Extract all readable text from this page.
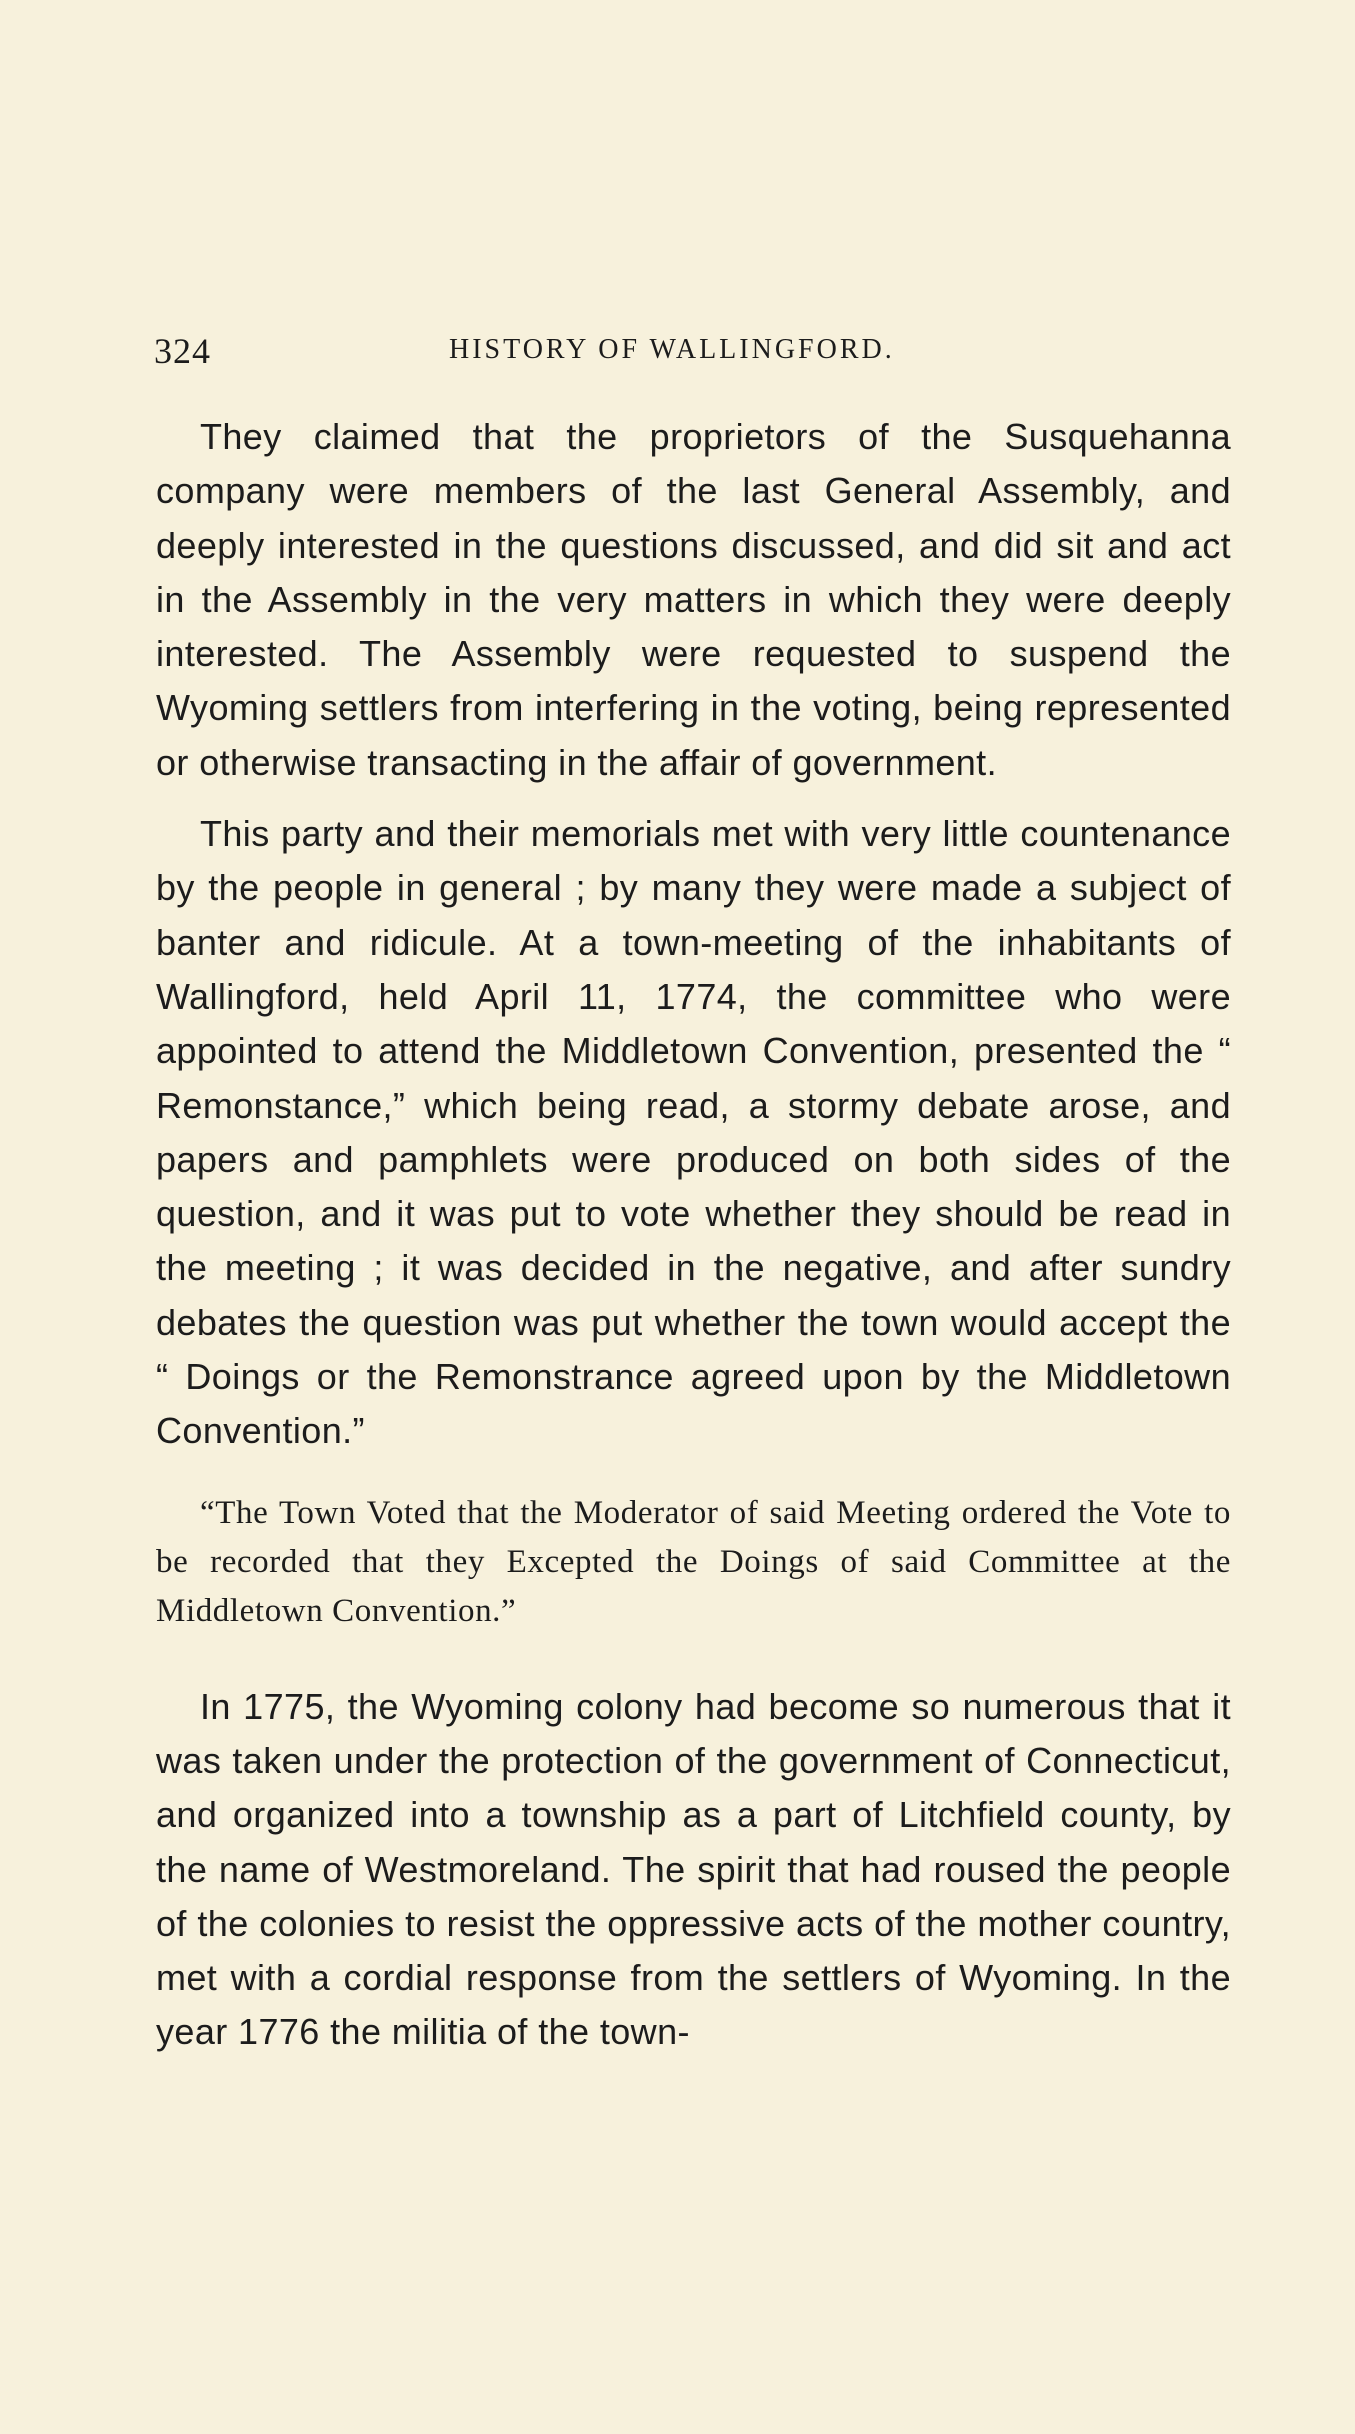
324	HISTORY OF WALLINGFORD.

They claimed that the proprietors of the Susquehanna company were members of the last General Assembly, and deeply interested in the questions discussed, and did sit and act in the Assembly in the very matters in which they were deeply interested. The Assembly were requested to suspend the Wyoming settlers from interfering in the voting, being represented or otherwise transacting in the affair of government.

This party and their memorials met with very little countenance by the people in general ; by many they were made a subject of banter and ridicule. At a town-meeting of the inhabitants of Wallingford, held April 11, 1774, the committee who were appointed to attend the Middletown Convention, presented the “ Remonstance,” which being read, a stormy debate arose, and papers and pamphlets were produced on both sides of the question, and it was put to vote whether they should be read in the meeting ; it was decided in the negative, and after sundry debates the question was put whether the town would accept the “ Doings or the Remonstrance agreed upon by the Middletown Convention.”

“The Town Voted that the Moderator of said Meeting ordered the Vote to be recorded that they Excepted the Doings of said Committee at the Middletown Convention.”

In 1775, the Wyoming colony had become so numerous that it was taken under the protection of the government of Connecticut, and organized into a township as a part of Litchfield county, by the name of Westmoreland. The spirit that had roused the people of the colonies to resist the oppressive acts of the mother country, met with a cordial response from the settlers of Wyoming. In the year 1776 the militia of the town-
